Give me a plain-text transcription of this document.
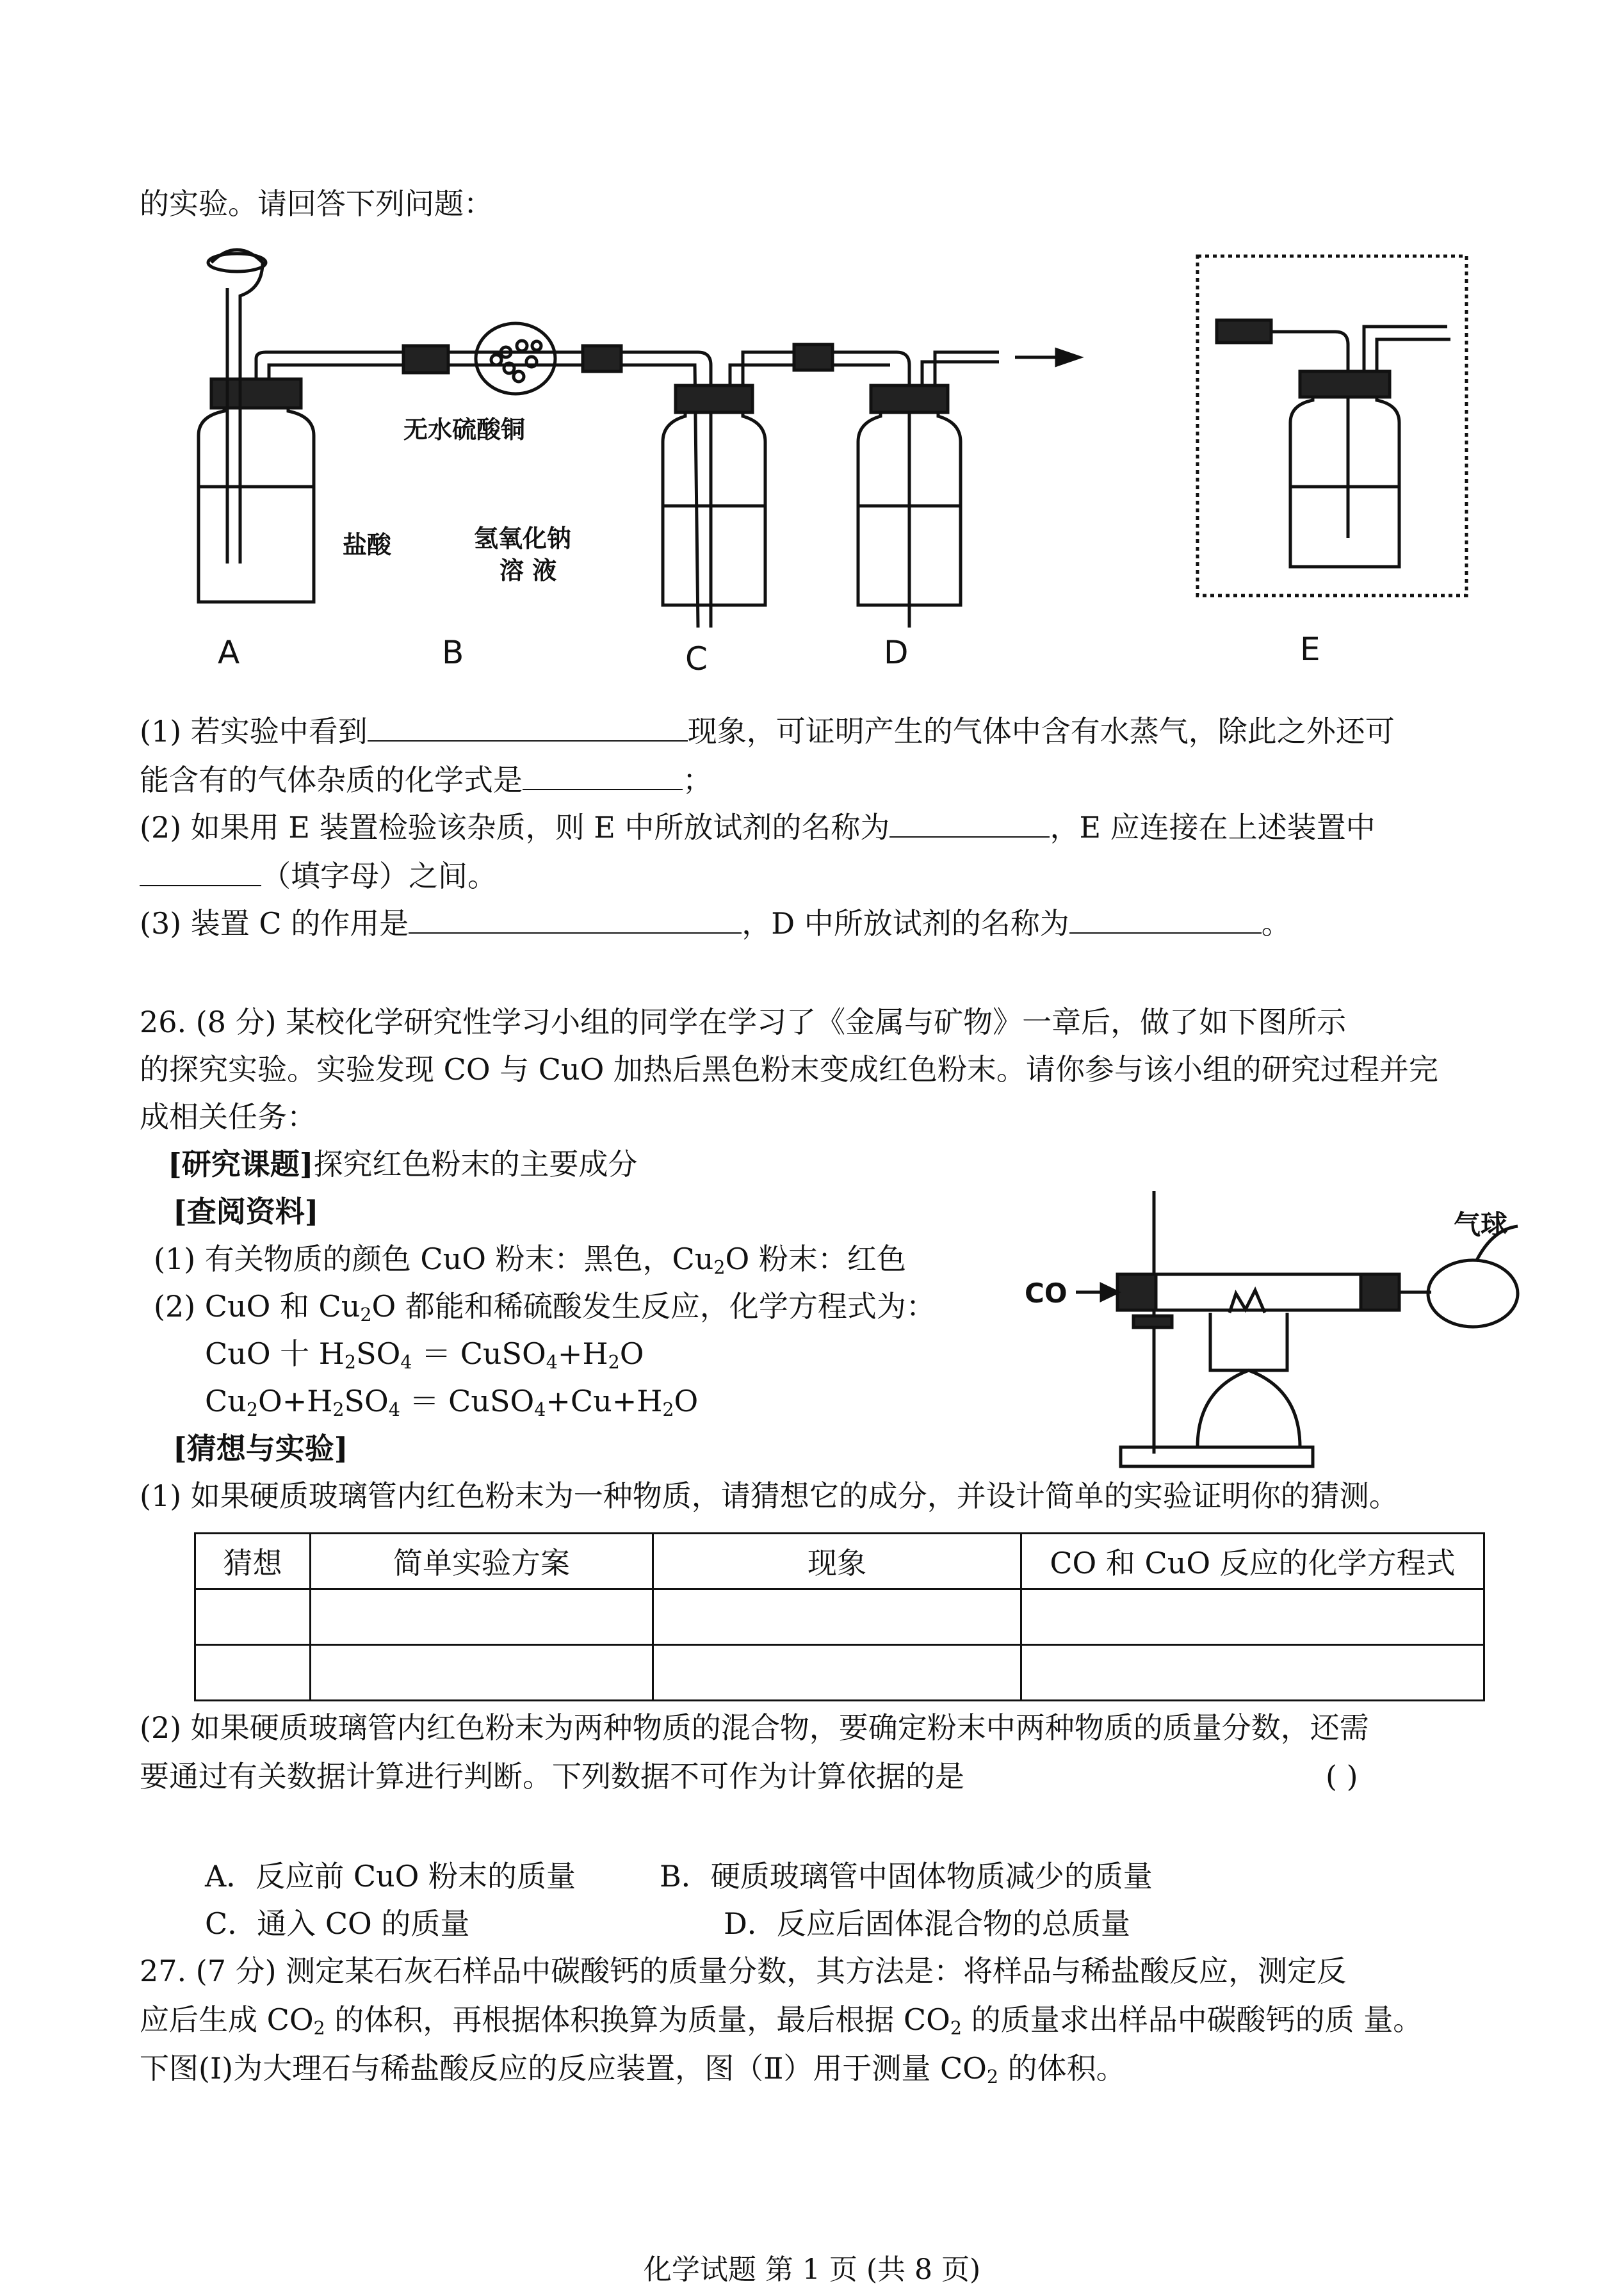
的实验。请回答下列问题：
无水硫酸铜
盐酸	氢氧化钠
溶 液
A	B	C	D	E
(1) 若实验中看到	现象，可证明产生的气体中含有水蒸气，除此之外还可
能含有的气体杂质的化学式是	；
(2) 如果用 E 装置检验该杂质，则 E 中所放试剂的名称为	，E 应连接在上述装置中
（填字母）之间。
(3) 装置 C 的作用是	，D 中所放试剂的名称为	。
26. (8 分) 某校化学研究性学习小组的同学在学习了《金属与矿物》一章后，做了如下图所示
的探究实验。实验发现 CO 与 CuO 加热后黑色粉末变成红色粉末。请你参与该小组的研究过程并完
成相关任务：
[研究课题]探究红色粉末的主要成分
[查阅资料]
(1) 有关物质的颜色 CuO 粉末：黑色，$Cu_2O$ 粉末：红色
(2) CuO 和 $Cu_2O$ 都能和稀硫酸发生反应，化学方程式为：
CuO 十 $H_2SO_4$ ＝ $CuSO_4+H_2O$
$Cu_2O+H_2SO_4$ ＝ $CuSO_4+Cu+H_2O$
[猜想与实验]
(1) 如果硬质玻璃管内红色粉末为一种物质，请猜想它的成分，并设计简单的实验证明你的猜测。
CO
气球
猜想	简单实验方案	现象	CO 和 CuO 反应的化学方程式

(2) 如果硬质玻璃管内红色粉末为两种物质的混合物，要确定粉末中两种物质的质量分数，还需
要通过有关数据计算进行判断。下列数据不可作为计算依据的是	( )
A．反应前 CuO 粉末的质量	B．硬质玻璃管中固体物质减少的质量
C．通入 CO 的质量	D．反应后固体混合物的总质量
27. (7 分) 测定某石灰石样品中碳酸钙的质量分数，其方法是：将样品与稀盐酸反应，测定反
应后生成 $CO_2$ 的体积，再根据体积换算为质量，最后根据 $CO_2$ 的质量求出样品中碳酸钙的质 量。
下图(Ⅰ)为大理石与稀盐酸反应的反应装置，图（Ⅱ）用于测量 $CO_2$ 的体积。
化学试题 第 1 页 (共 8 页)
